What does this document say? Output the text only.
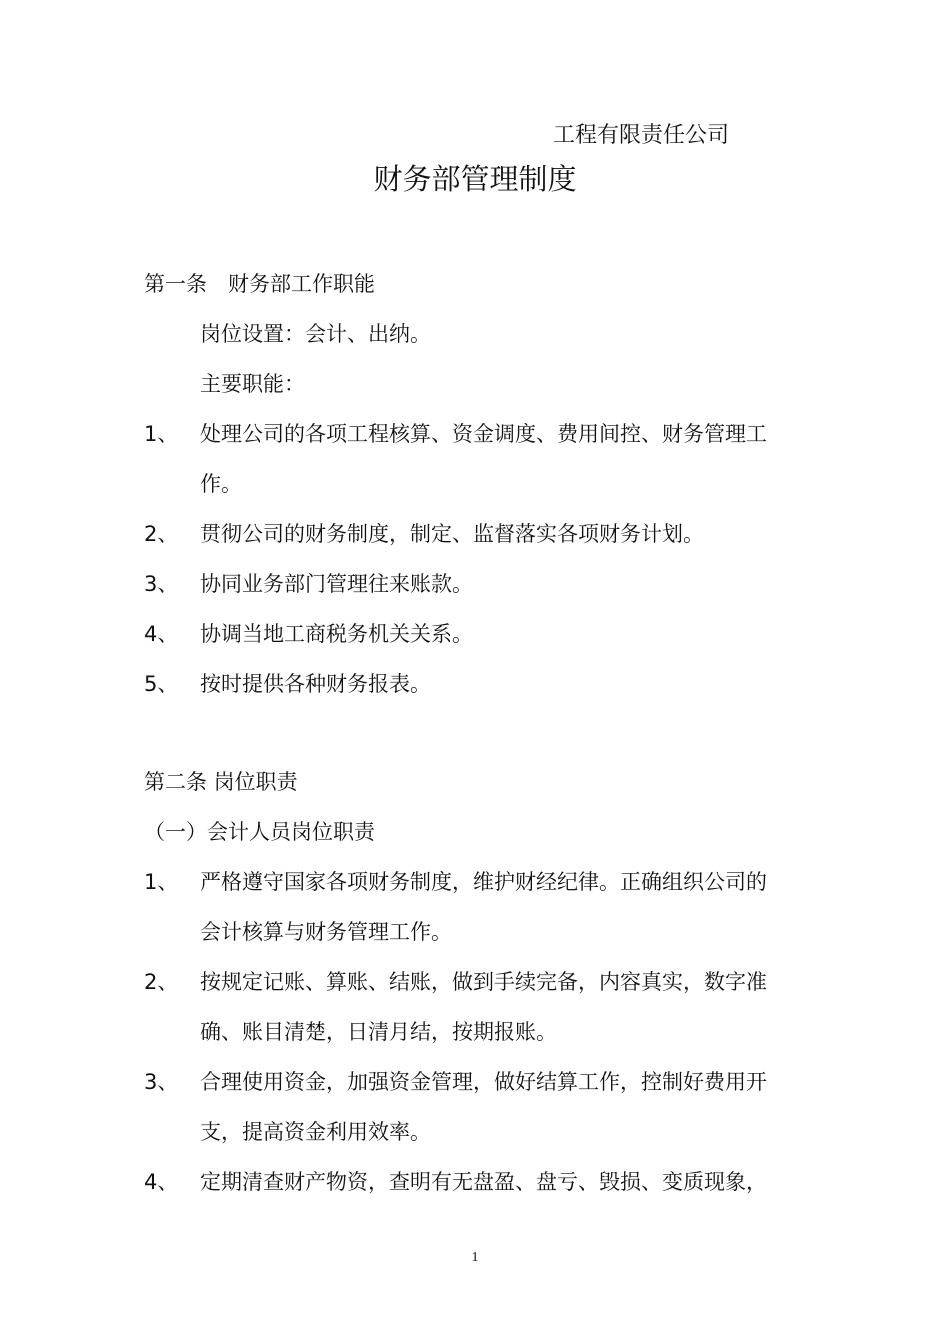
工程有限责任公司
财务部管理制度
第一条　财务部工作职能
岗位设置：会计、出纳。
主要职能：
1、 处理公司的各项工程核算、资金调度、费用间控、财务管理工
作。
2、 贯彻公司的财务制度，制定、监督落实各项财务计划。
3、 协同业务部门管理往来账款。
4、 协调当地工商税务机关关系。
5、 按时提供各种财务报表。
第二条 岗位职责
（一）会计人员岗位职责
1、 严格遵守国家各项财务制度，维护财经纪律。正确组织公司的
会计核算与财务管理工作。
2、 按规定记账、算账、结账，做到手续完备，内容真实，数字准
确、账目清楚，日清月结，按期报账。
3、 合理使用资金，加强资金管理，做好结算工作，控制好费用开
支，提高资金利用效率。
4、 定期清查财产物资，查明有无盘盈、盘亏、毁损、变质现象，
1
